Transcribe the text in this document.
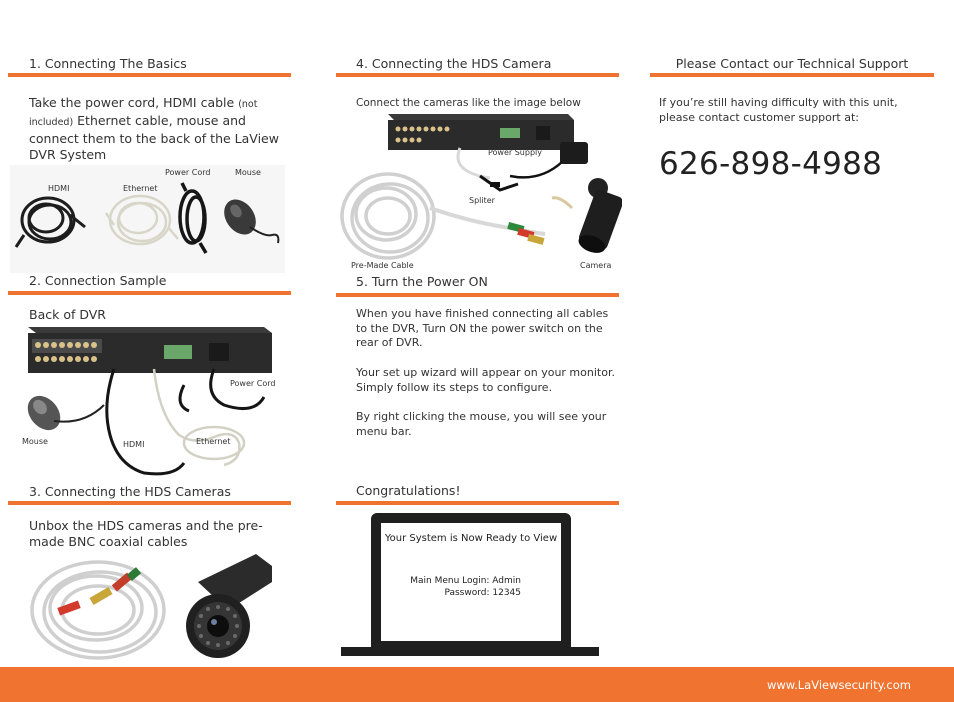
1. Connecting The Basics
Take the power cord, HDMI cable (not included) Ethernet cable, mouse and connect them to the back of the LaView DVR System
HDMI	Ethernet
Power Cord	Mouse
2. Connection Sample
Back of DVR
Power Cord
Mouse	HDMI	Ethernet
3. Connecting the HDS Cameras
Unbox the HDS cameras and the pre-made BNC coaxial cables
4. Connecting the HDS Camera
Connect the cameras like the image below
Power Supply
Spliter
Pre-Made Cable	Camera
5. Turn the Power ON
When you have finished connecting all cables to the DVR, Turn ON the power switch on the rear of DVR.
Your set up wizard will appear on your monitor. Simply follow its steps to configure.
By right clicking the mouse, you will see your menu bar.
Congratulations!
Your System is Now Ready to View
Main Menu Login: Admin
Password: 12345
Please Contact our Technical Support
If you’re still having difficulty with this unit, please contact customer support at:
626-898-4988
www.LaViewsecurity.com
